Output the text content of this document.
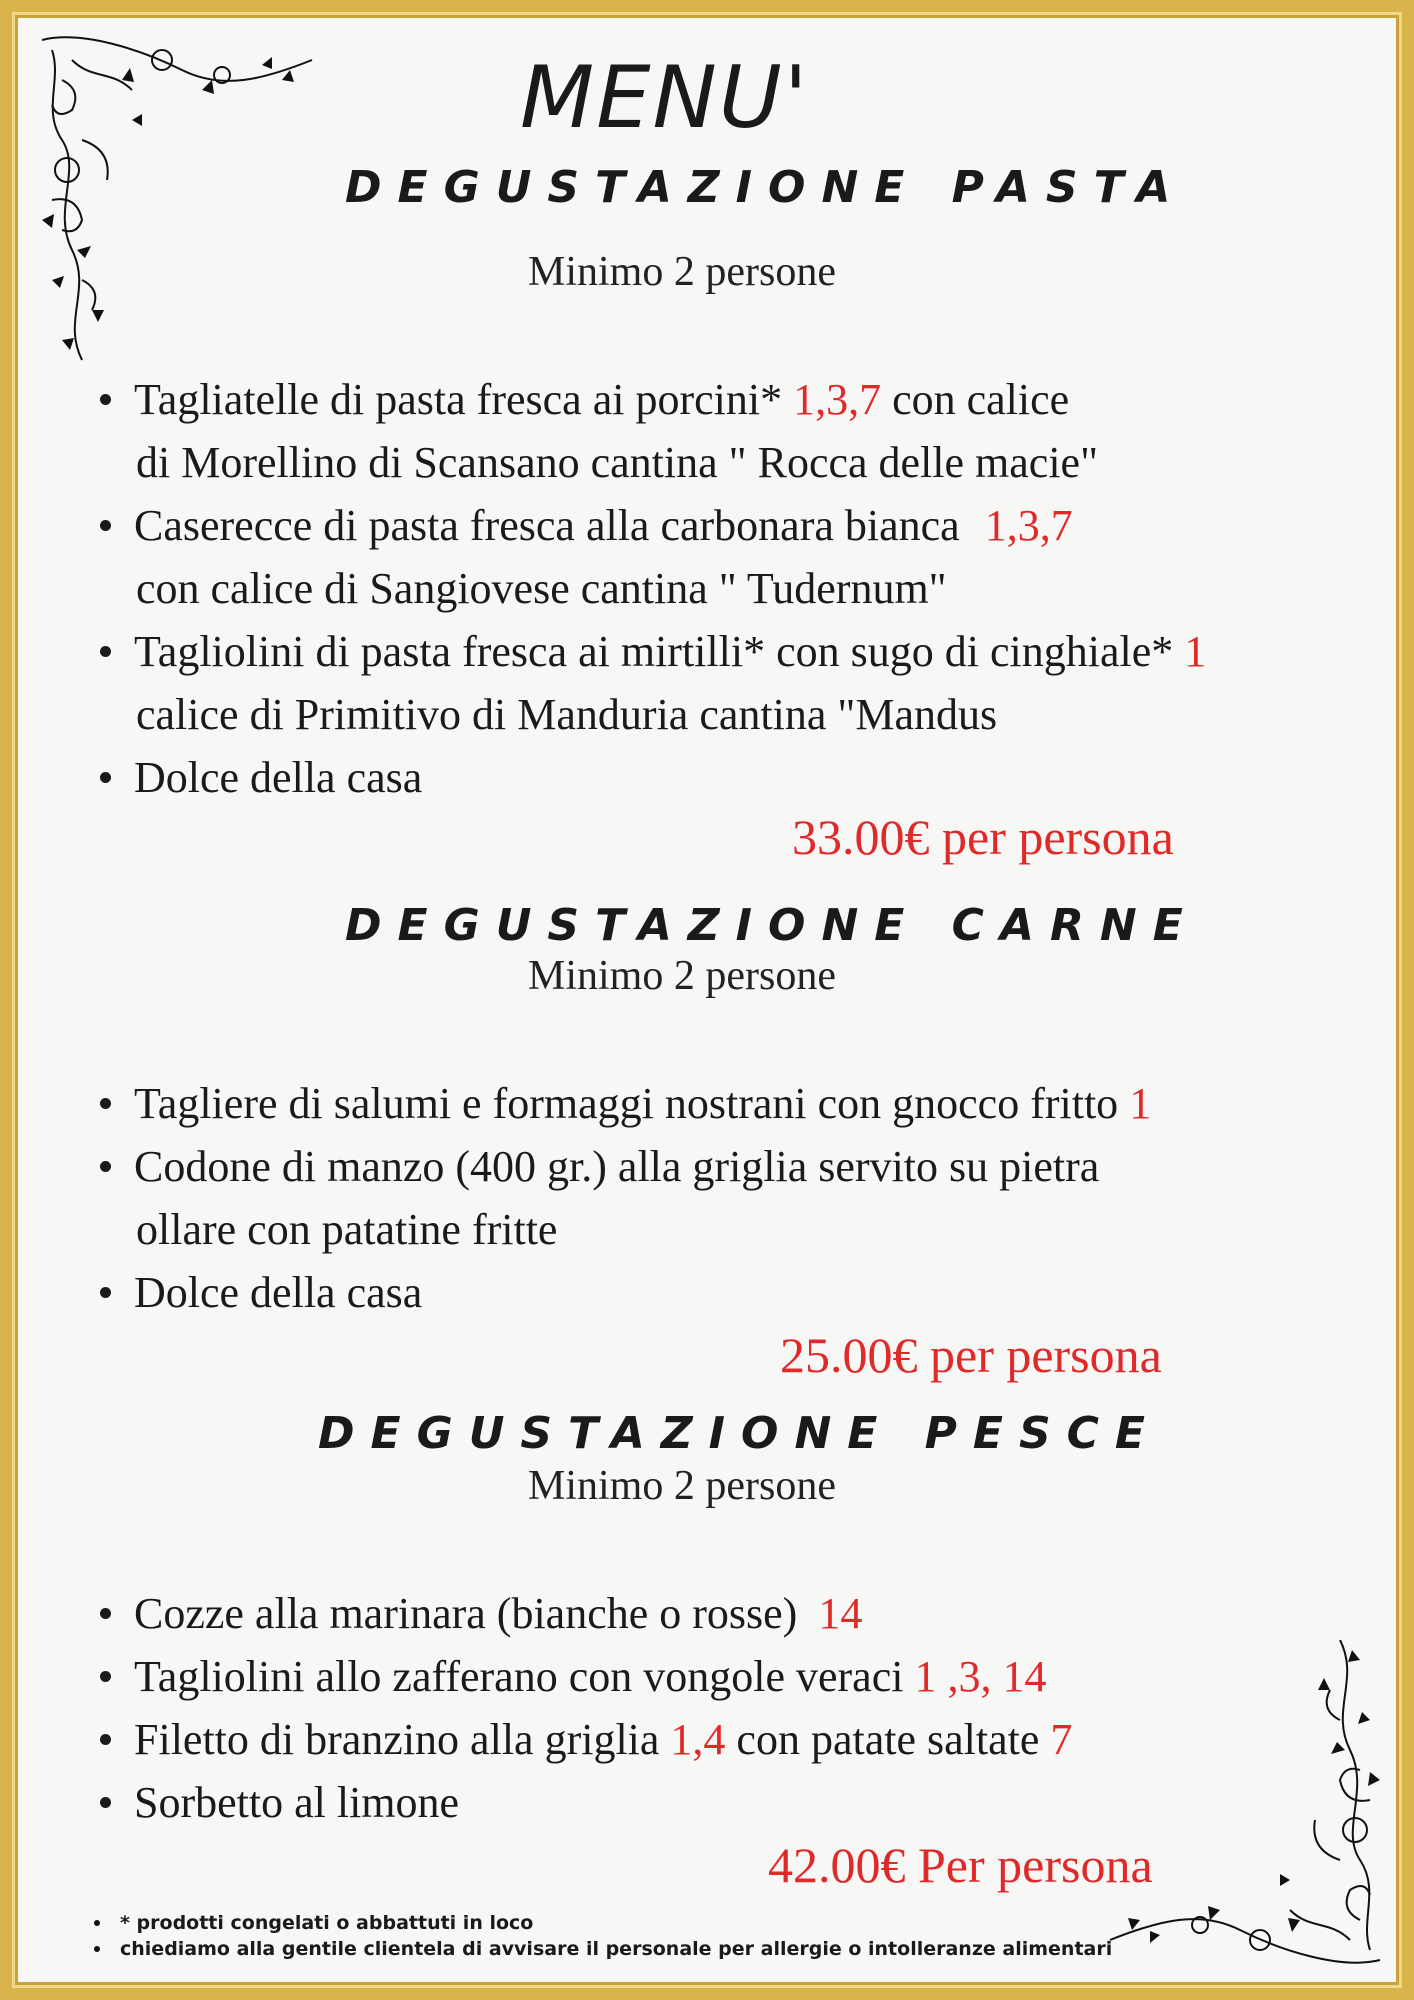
MENU'
DEGUSTAZIONE PASTA
Minimo 2 persone
Tagliatelle di pasta fresca ai porcini* 1,3,7 con calice
di Morellino di Scansano cantina " Rocca delle macie"
Caserecce di pasta fresca alla carbonara bianca 1,3,7
con calice di Sangiovese cantina " Tudernum"
Tagliolini di pasta fresca ai mirtilli* con sugo di cinghiale* 1
calice di Primitivo di Manduria cantina "Mandus
Dolce della casa
33.00€ per persona
DEGUSTAZIONE CARNE
Minimo 2 persone
Tagliere di salumi e formaggi nostrani con gnocco fritto 1
Codone di manzo (400 gr.) alla griglia servito su pietra
ollare con patatine fritte
Dolce della casa
25.00€ per persona
DEGUSTAZIONE PESCE
Minimo 2 persone
Cozze alla marinara (bianche o rosse) 14
Tagliolini allo zafferano con vongole veraci 1 ,3, 14
Filetto di branzino alla griglia 1,4 con patate saltate 7
Sorbetto al limone
42.00€ Per persona
* prodotti congelati o abbattuti in loco
chiediamo alla gentile clientela di avvisare il personale per allergie o intolleranze alimentari
